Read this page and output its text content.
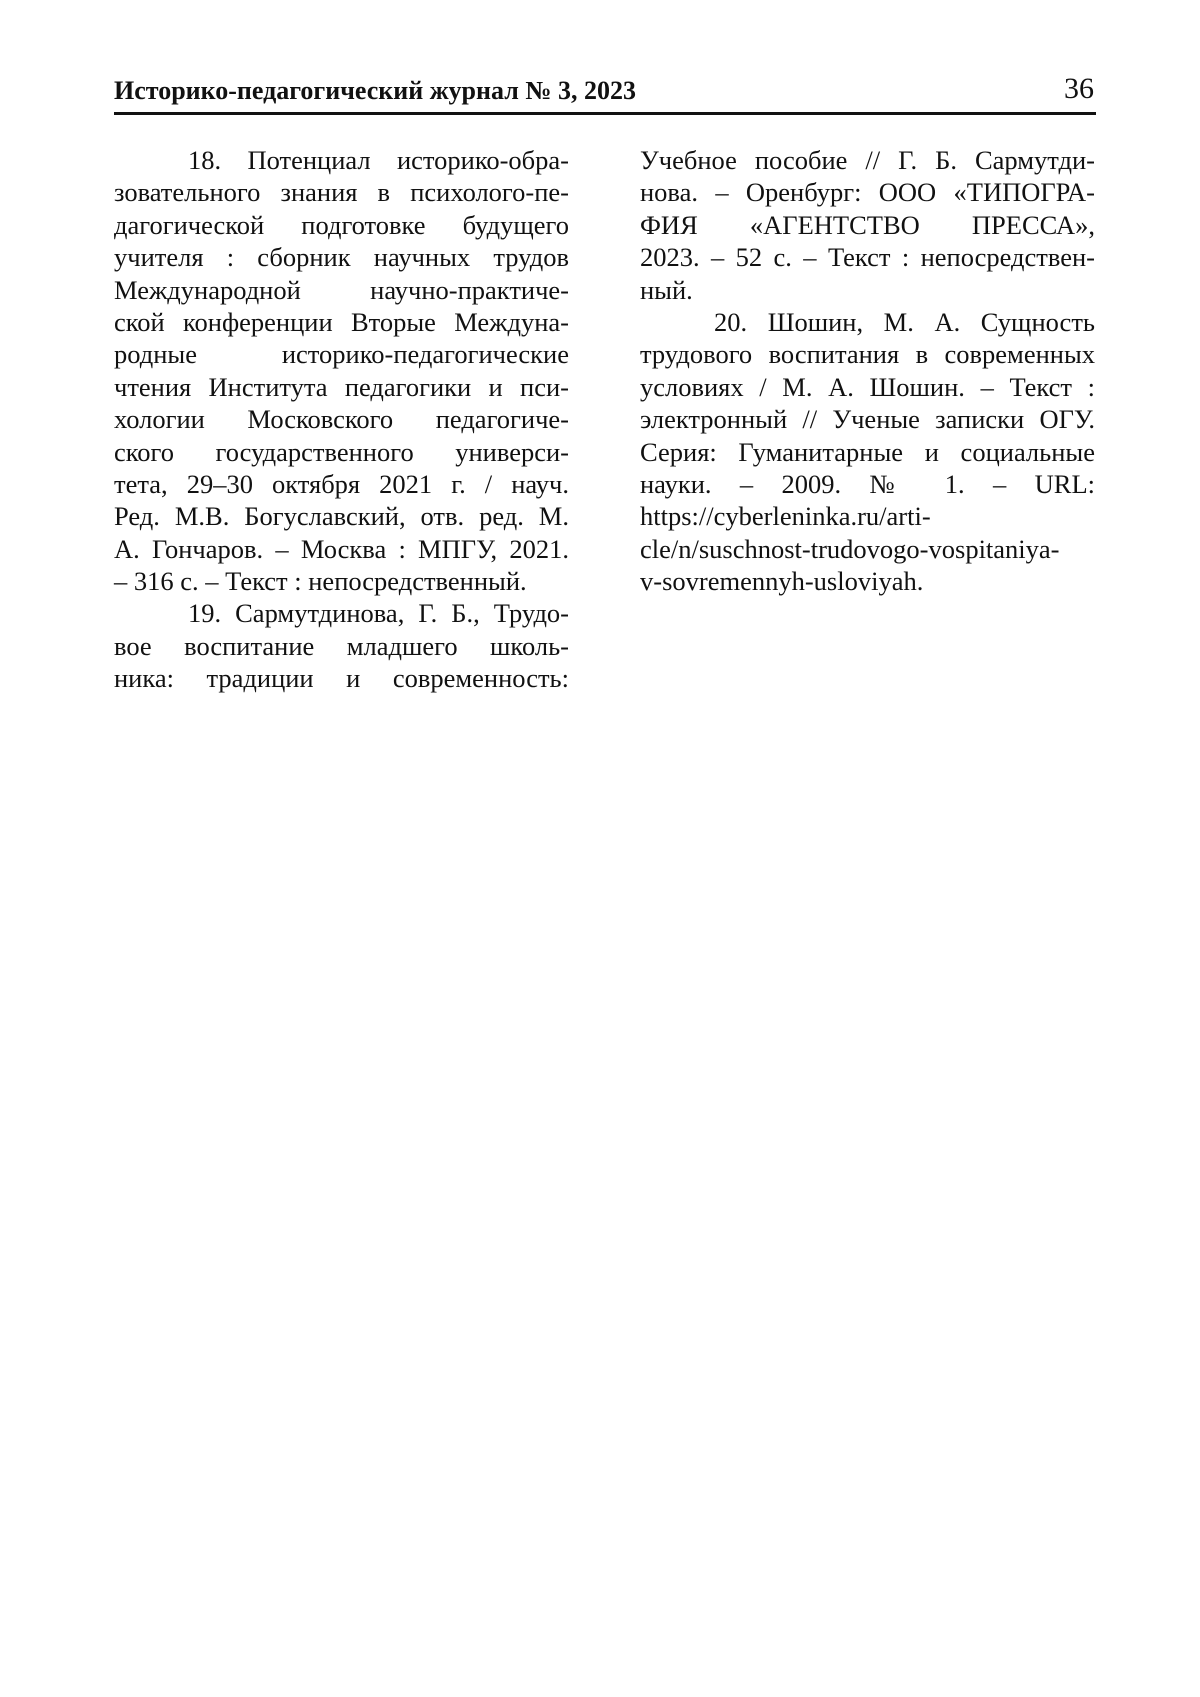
Историко-педагогический журнал № 3, 2023	36
18. Потенциал историко-обра-
зовательного знания в психолого-пе-
дагогической подготовке будущего
учителя : сборник научных трудов
Международной научно-практиче-
ской конференции Вторые Междуна-
родные историко-педагогические
чтения Института педагогики и пси-
хологии Московского педагогиче-
ского государственного универси-
тета, 29–30 октября 2021 г. / науч.
Ред. М.В. Богуславский, отв. ред. М.
А. Гончаров. – Москва : МПГУ, 2021.
– 316 с. – Текст : непосредственный.
19. Сармутдинова, Г. Б., Трудо-
вое воспитание младшего школь-
ника: традиции и современность:
Учебное пособие // Г. Б. Сармутди-
нова. – Оренбург: ООО «ТИПОГРА-
ФИЯ «АГЕНТСТВО ПРЕССА»,
2023. – 52 с. – Текст : непосредствен-
ный.
20. Шошин, М. А. Сущность
трудового воспитания в современных
условиях / М. А. Шошин. – Текст :
электронный // Ученые записки ОГУ.
Серия: Гуманитарные и социальные
науки. – 2009. № 1. – URL:
https://cyberleninka.ru/arti-
cle/n/suschnost-trudovogo-vospitaniya-
v-sovremennyh-usloviyah.
